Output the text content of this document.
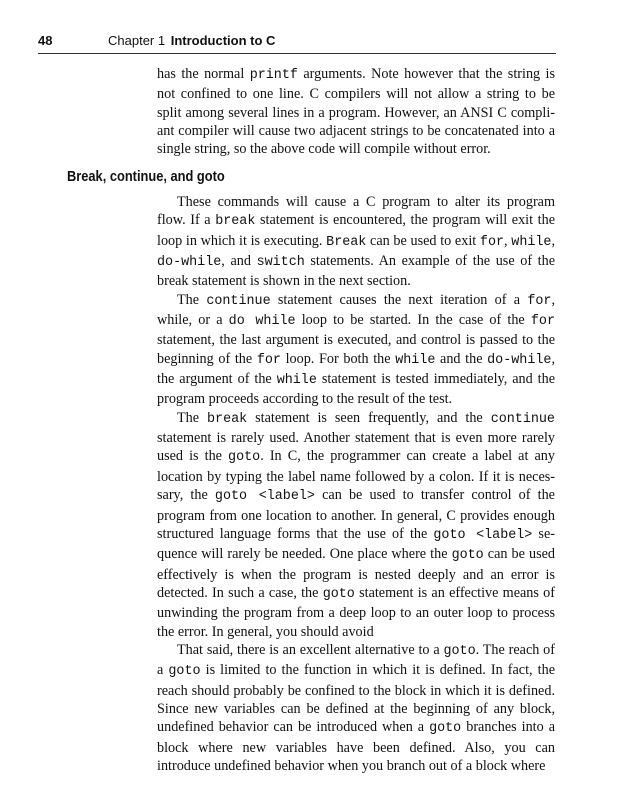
48	Chapter 1 Introduction to C

has the normal printf arguments. Note however that the string is not confined to one line. C compilers will not allow a string to be split among several lines in a program. However, an ANSI C compliant compiler will cause two adjacent strings to be concatenated into a single string, so the above code will compile without error.

Break, continue, and goto

These commands will cause a C program to alter its program flow. If a break statement is encountered, the program will exit the loop in which it is executing. Break can be used to exit for, while, do-while, and switch statements. An example of the use of the break statement is shown in the next section.

The continue statement causes the next iteration of a for, while, or a do while loop to be started. In the case of the for statement, the last argument is executed, and control is passed to the beginning of the for loop. For both the while and the do-while, the argument of the while statement is tested immediately, and the program proceeds according to the result of the test.

The break statement is seen frequently, and the continue statement is rarely used. Another statement that is even more rarely used is the goto. In C, the programmer can create a label at any location by typing the label name followed by a colon. If it is necessary, the goto <label> can be used to transfer control of the program from one location to another. In general, C provides enough structured language forms that the use of the goto <label> sequence will rarely be needed. One place where the goto can be used effectively is when the program is nested deeply and an error is detected. In such a case, the goto statement is an effective means of unwinding the program from a deep loop to an outer loop to process the error. In general, you should avoid

That said, there is an excellent alternative to a goto. The reach of a goto is limited to the function in which it is defined. In fact, the reach should probably be confined to the block in which it is defined. Since new variables can be defined at the beginning of any block, undefined behavior can be introduced when a goto branches into a block where new variables have been defined. Also, you can introduce undefined behavior when you branch out of a block where
